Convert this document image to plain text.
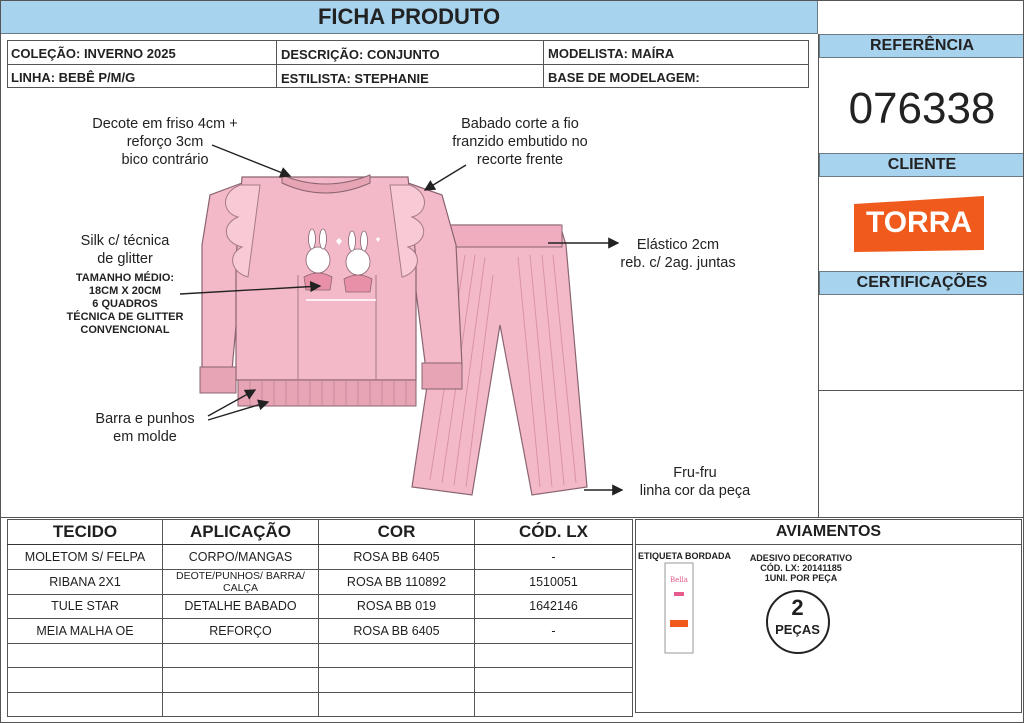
FICHA PRODUTO
COLEÇÃO: INVERNO 2025	DESCRIÇÃO: CONJUNTO	MODELISTA: MAÍRA
LINHA: BEBÊ P/M/G	ESTILISTA: STEPHANIE	BASE DE MODELAGEM:
REFERÊNCIA
076338
CLIENTE
TORRA
CERTIFICAÇÕES
Decote em friso 4cm +
reforço 3cm
bico contrário
Babado corte a fio
franzido embutido no
recorte frente
Silk c/ técnica
de glitter
TAMANHO MÉDIO:
18CM X 20CM
6 QUADROS
TÉCNICA DE GLITTER
CONVENCIONAL
Elástico 2cm
reb. c/ 2ag. juntas
Barra e punhos
em molde
Fru-fru
linha cor da peça
TECIDO	APLICAÇÃO	COR	CÓD. LX
MOLETOM S/ FELPA	CORPO/MANGAS	ROSA BB 6405	-
RIBANA 2X1	DEOTE/PUNHOS/ BARRA/ CALÇA	ROSA BB 110892	1510051
TULE STAR	DETALHE BABADO	ROSA BB 019	1642146
MEIA MALHA OE	REFORÇO	ROSA BB 6405	-

AVIAMENTOS
ETIQUETA BORDADA
Bella
ADESIVO DECORATIVO
CÓD. LX: 20141185
1UNI. POR PEÇA
2
PEÇAS
